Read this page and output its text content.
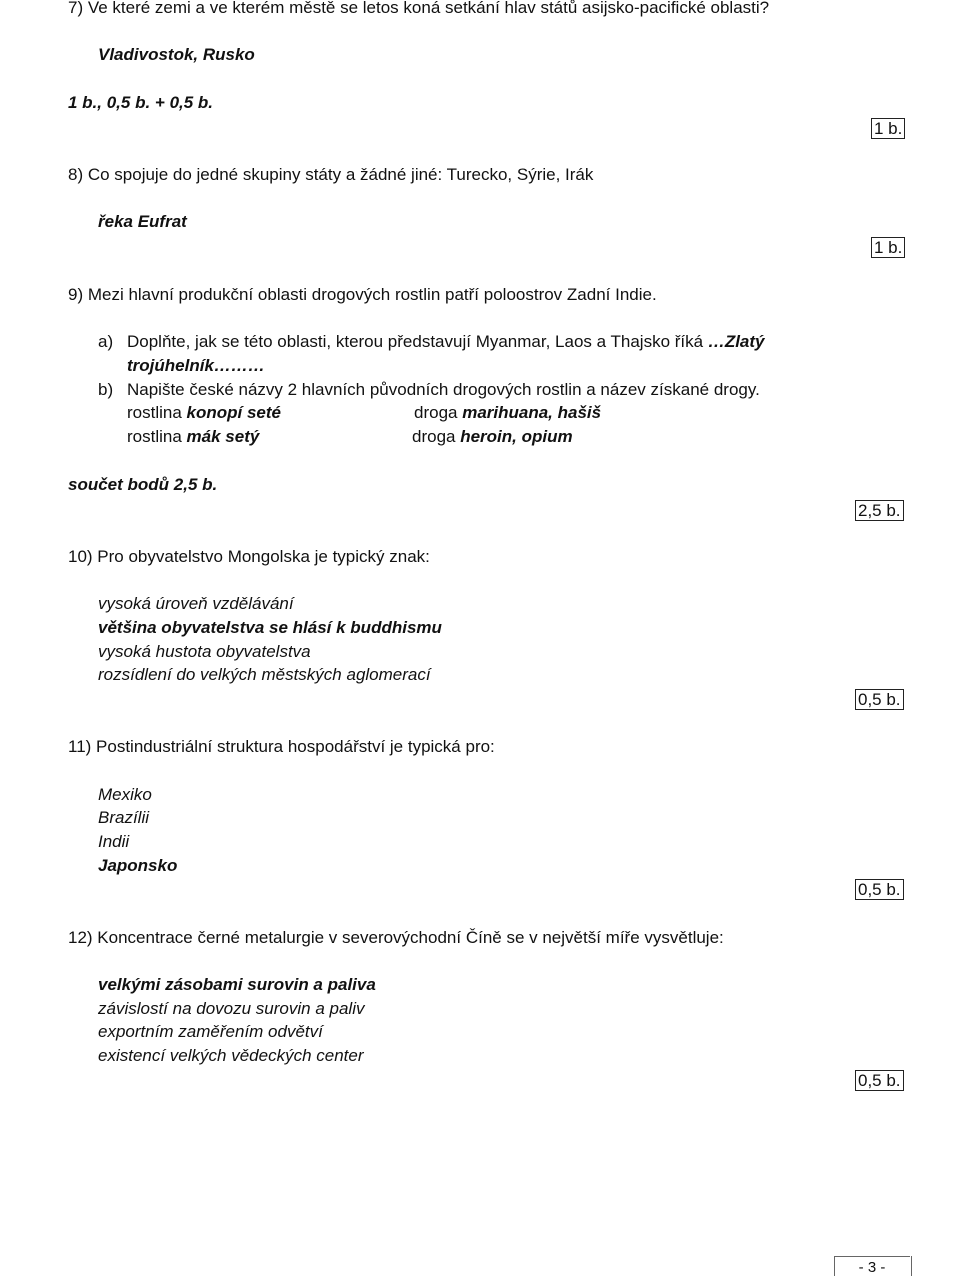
7) Ve které zemi a ve kterém městě se letos koná setkání hlav států asijsko-pacifické oblasti?
Vladivostok, Rusko
1 b., 0,5 b. + 0,5 b.
1 b.
8) Co spojuje do jedné skupiny státy a žádné jiné: Turecko, Sýrie, Irák
řeka Eufrat
1 b.
9) Mezi hlavní produkční oblasti drogových rostlin patří poloostrov Zadní Indie.
a) Doplňte, jak se této oblasti, kterou představují Myanmar, Laos a Thajsko říká …Zlatý
trojúhelník………
b) Napište české názvy 2 hlavních původních drogových rostlin a název získané drogy.
rostlina konopí seté	droga marihuana, hašiš
rostlina mák setý	droga heroin, opium
součet bodů 2,5 b.
2,5 b.
10) Pro obyvatelstvo Mongolska je typický znak:
vysoká úroveň vzdělávání
většina obyvatelstva se hlásí k buddhismu
vysoká hustota obyvatelstva
rozsídlení do velkých městských aglomerací
0,5 b.
11) Postindustriální struktura hospodářství je typická pro:
Mexiko
Brazílii
Indii
Japonsko
0,5 b.
12) Koncentrace černé metalurgie v severovýchodní Číně se v největší míře vysvětluje:
velkými zásobami surovin a paliva
závislostí na dovozu surovin a paliv
exportním zaměřením odvětví
existencí velkých vědeckých center
0,5 b.
- 3 -
